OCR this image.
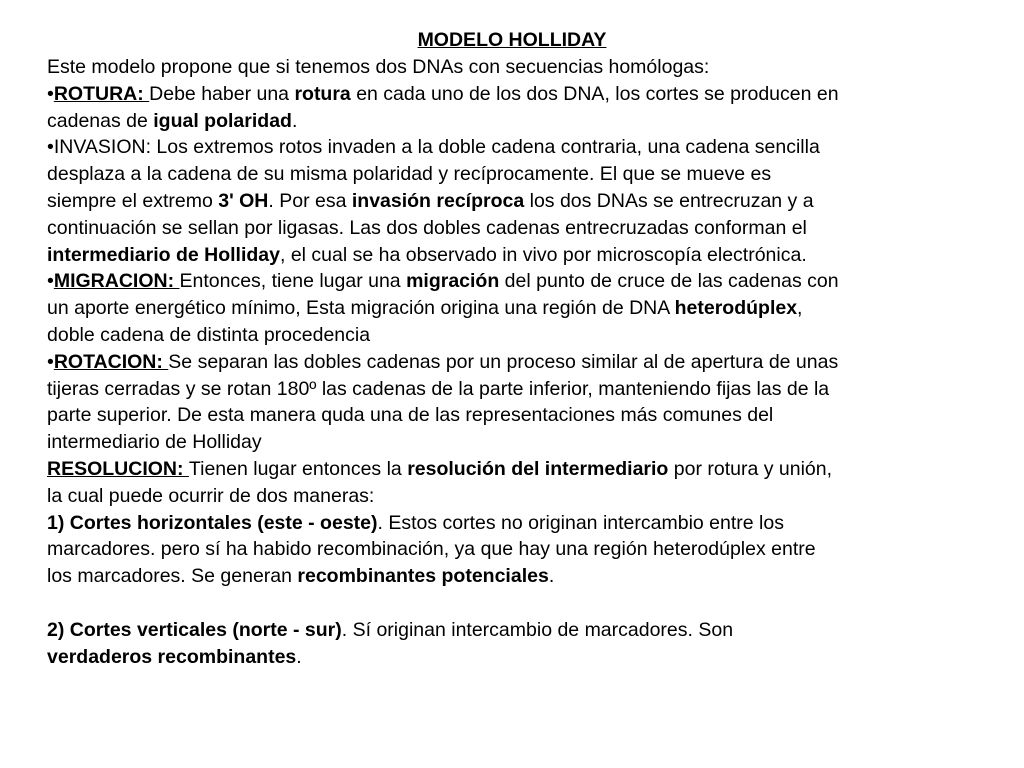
MODELO HOLLIDAY
Este modelo propone que si tenemos dos DNAs con secuencias homólogas:
•ROTURA: Debe haber una rotura en cada uno de los dos DNA, los cortes se producen en
cadenas de igual polaridad.
•INVASION: Los extremos rotos invaden a la doble cadena contraria, una cadena sencilla
desplaza a la cadena de su misma polaridad y recíprocamente. El que se mueve es
siempre el extremo 3' OH. Por esa invasión recíproca los dos DNAs se entrecruzan y a
continuación se sellan por ligasas. Las dos dobles cadenas entrecruzadas conforman el
intermediario de Holliday, el cual se ha observado in vivo por microscopía electrónica.
•MIGRACION: Entonces, tiene lugar una migración del punto de cruce de las cadenas con
un aporte energético mínimo, Esta migración origina una región de DNA heterodúplex,
doble cadena de distinta procedencia
•ROTACION: Se separan las dobles cadenas por un proceso similar al de apertura de unas
tijeras cerradas y se rotan 180º las cadenas de la parte inferior, manteniendo fijas las de la
parte superior. De esta manera quda una de las representaciones más comunes del
intermediario de Holliday
RESOLUCION: Tienen lugar entonces la resolución del intermediario por rotura y unión,
la cual puede ocurrir de dos maneras:
1) Cortes horizontales (este - oeste). Estos cortes no originan intercambio entre los
marcadores. pero sí ha habido recombinación, ya que hay una región heterodúplex entre
los marcadores. Se generan recombinantes potenciales.
2) Cortes verticales (norte - sur). Sí originan intercambio de marcadores. Son
verdaderos recombinantes.
